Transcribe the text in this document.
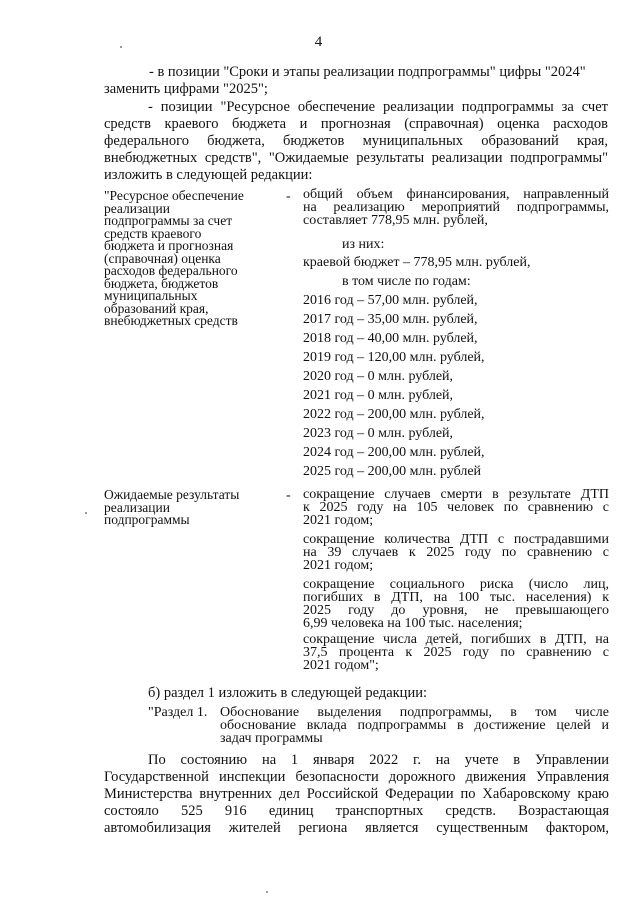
4
- в позиции "Сроки и этапы реализации подпрограммы" цифры "2024"
заменить цифрами "2025";
- позиции "Ресурсное обеспечение реализации подпрограммы за счет
средств краевого бюджета и прогнозная (справочная) оценка расходов
федерального бюджета, бюджетов муниципальных образований края,
внебюджетных средств", "Ожидаемые результаты реализации подпрограммы"
изложить в следующей редакции:
"Ресурсное обеспечение
реализации
подпрограммы за счет
средств краевого
бюджета и прогнозная
(справочная) оценка
расходов федерального
бюджета, бюджетов
муниципальных
образований края,
внебюджетных средств
- общий объем финансирования, направленный
на реализацию мероприятий подпрограммы,
составляет 778,95 млн. рублей,
из них:
краевой бюджет – 778,95 млн. рублей,
в том числе по годам:
2016 год – 57,00 млн. рублей,
2017 год – 35,00 млн. рублей,
2018 год – 40,00 млн. рублей,
2019 год – 120,00 млн. рублей,
2020 год – 0 млн. рублей,
2021 год – 0 млн. рублей,
2022 год – 200,00 млн. рублей,
2023 год – 0 млн. рублей,
2024 год – 200,00 млн. рублей,
2025 год – 200,00 млн. рублей
Ожидаемые результаты
реализации
подпрограммы
- сокращение случаев смерти в результате ДТП
к 2025 году на 105 человек по сравнению с
2021 годом;
сокращение количества ДТП с пострадавшими
на 39 случаев к 2025 году по сравнению с
2021 годом;
сокращение социального риска (число лиц,
погибших в ДТП, на 100 тыс. населения) к
2025 году до уровня, не превышающего
6,99 человека на 100 тыс. населения;
сокращение числа детей, погибших в ДТП, на
37,5 процента к 2025 году по сравнению с
2021 годом";
б) раздел 1 изложить в следующей редакции:
"Раздел 1. Обоснование выделения подпрограммы, в том числе
обоснование вклада подпрограммы в достижение целей и
задач программы
По состоянию на 1 января 2022 г. на учете в Управлении
Государственной инспекции безопасности дорожного движения Управления
Министерства внутренних дел Российской Федерации по Хабаровскому краю
состояло 525 916 единиц транспортных средств. Возрастающая
автомобилизация жителей региона является существенным фактором,
